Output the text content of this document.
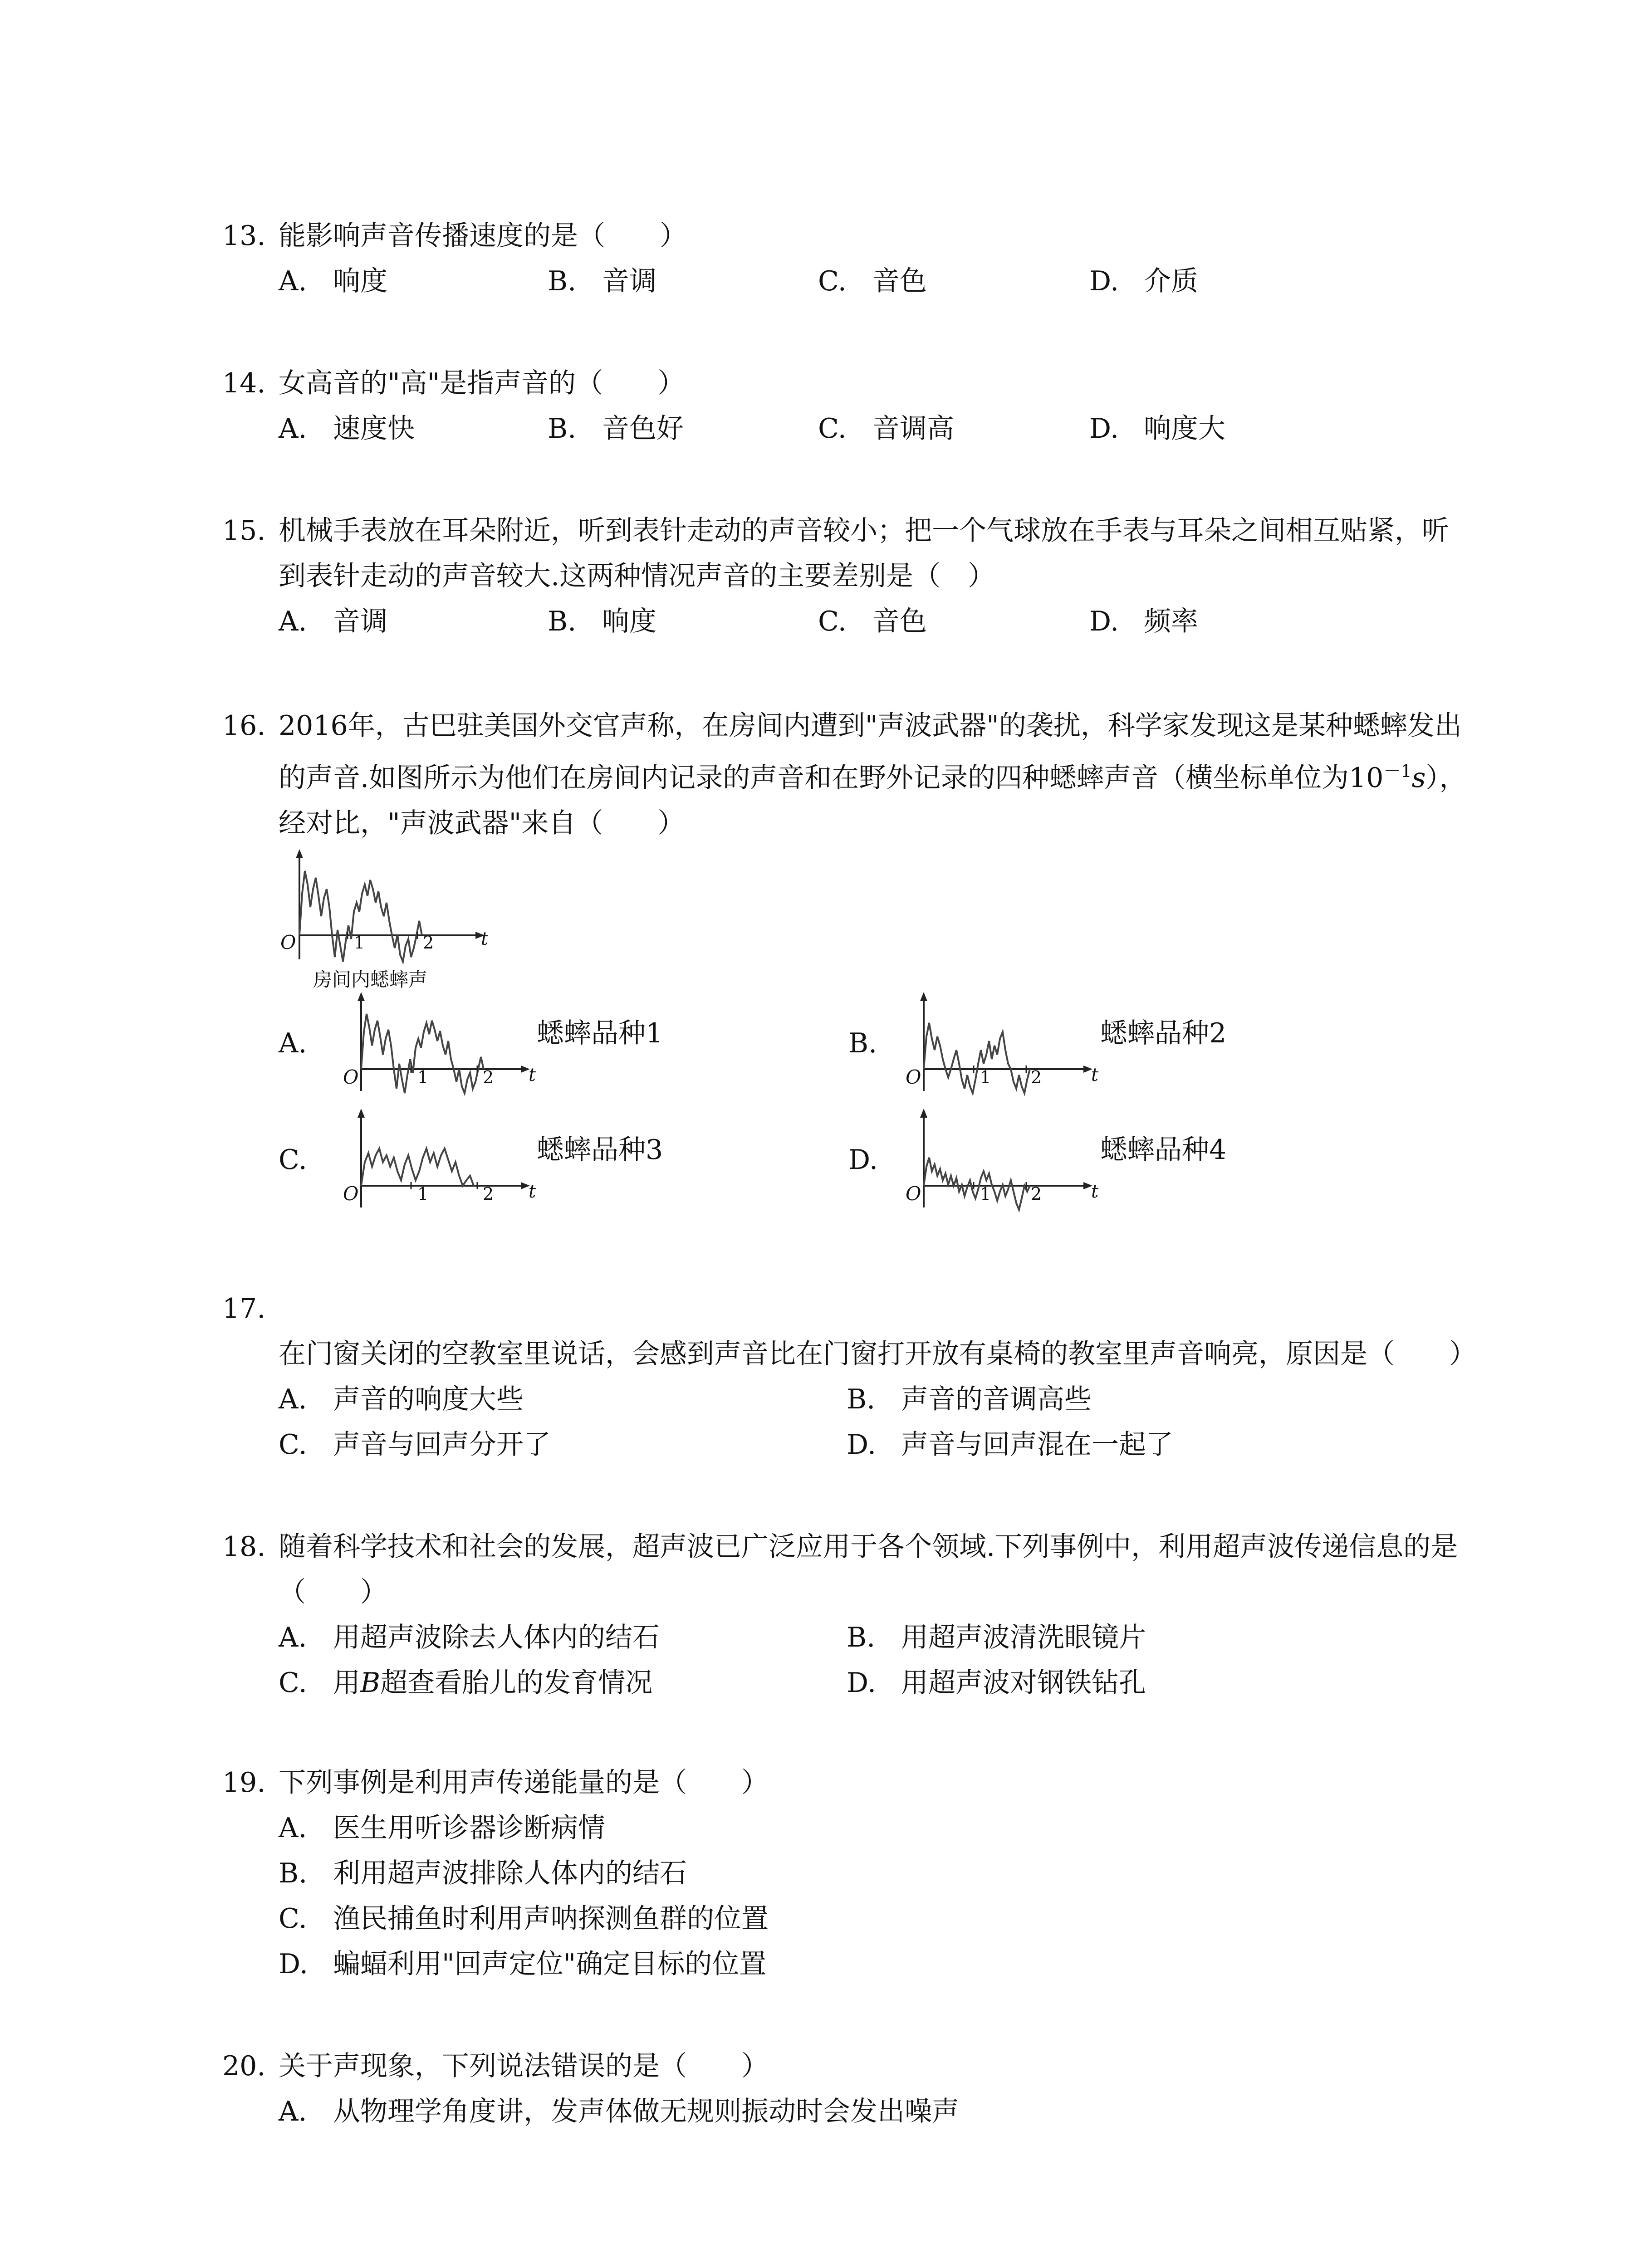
13. 能影响声音传播速度的是（　　）
A. 响度	B. 音调	C. 音色	D. 介质
14. 女高音的"高"是指声音的（　　）
A. 速度快	B. 音色好	C. 音调高	D. 响度大
15. 机械手表放在耳朵附近，听到表针走动的声音较小；把一个气球放在手表与耳朵之间相互贴紧，听到表针走动的声音较大.这两种情况声音的主要差别是（　）
A. 音调	B. 响度	C. 音色	D. 频率
16. 2016年，古巴驻美国外交官声称，在房间内遭到"声波武器"的袭扰，科学家发现这是某种蟋蟀发出的声音.如图所示为他们在房间内记录的声音和在野外记录的四种蟋蟀声音（横坐标单位为$10^{-1}s$），经对比，"声波武器"来自（　　）
O	1	2	t
房间内蟋蟀声
A.
O	1	2 t
蟋蟀品种1	B.
O	1 2	t
蟋蟀品种2
C.
O	1	2 t
蟋蟀品种3	D.
O	1 2	t
蟋蟀品种4
17.在门窗关闭的空教室里说话，会感到声音比在门窗打开放有桌椅的教室里声音响亮，原因是（　　）
A. 声音的响度大些	B. 声音的音调高些
C. 声音与回声分开了	D. 声音与回声混在一起了
18. 随着科学技术和社会的发展，超声波已广泛应用于各个领域.下列事例中，利用超声波传递信息的是（　　）
A. 用超声波除去人体内的结石	B. 用超声波清洗眼镜片
C. 用B超查看胎儿的发育情况	D. 用超声波对钢铁钻孔
19. 下列事例是利用声传递能量的是（　　）
A. 医生用听诊器诊断病情
B. 利用超声波排除人体内的结石
C. 渔民捕鱼时利用声呐探测鱼群的位置
D. 蝙蝠利用"回声定位"确定目标的位置
20. 关于声现象，下列说法错误的是（　　）
A. 从物理学角度讲，发声体做无规则振动时会发出噪声
